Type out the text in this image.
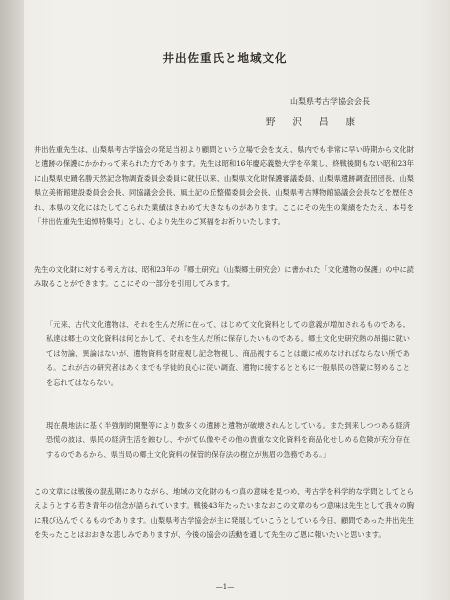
井出佐重氏と地域文化
山梨県考古学協会会長
野 沢 昌 康

井出佐重先生は、山梨県考古学協会の発足当初より顧問という立場で会を支え、県内でも非常に早い時期から文化財と遺跡の保護にかかわって来られた方であります。先生は昭和16年慶応義塾大学を卒業し、終戦後間もない昭和23年に山梨県史蹟名勝天然記念物調査委員会委員に就任以来、山梨県文化財保護審議委員、山梨県遺跡調査団団長、山梨県立美術館建設委員会会長、同協議会会長、風土記の丘整備委員会会長、山梨県考古博物館協議会会長などを歴任され、本県の文化にはたしてこられた業績はきわめて大きなものがあります。ここにその先生の業績をたたえ、本号を「井出佐重先生追悼特集号」とし、心より先生のご冥福をお祈りいたします。

先生の文化財に対する考え方は、昭和23年の『郷土研究』（山梨郷土研究会）に書かれた「文化遺物の保護」の中に読み取ることができます。ここにその一部分を引用してみます。

「元来、古代文化遺物は、それを生んだ所に在って、はじめて文化資料としての意義が増加されるものである。私達は郷土の文化資料は何とかして、それを生んだ所に保存したいものである。郷土文化史研究熱の昂揚に就いては勿論、異論はないが、遺物資料を財産視し記念物視し、商品視することは厳に戒めなければならない所である。これが古の研究者はあくまでも学徒的良心に従い調査、遺物に接するとともに一般県民の啓蒙に努めることを忘れてはならない。

現在農地法に基く半強制的開墾等により数多くの遺跡と遺物が破壊されんとしている。また到来しつつある経済恐慌の波は、県民の経済生活を蝕むし、やがて仏像やその他の貴重な文化資料を商品化せしめる危険が充分存在するのであるから、県当局の郷土文化資料の保管的保存法の樹立が焦眉の急務である。」

この文章には戦後の混乱期にありながら、地域の文化財のもつ真の意味を見つめ、考古学を科学的な学問としてとらえようとする若き青年の信念が語られています。戦後43年たったいまなおこの文章のもつ意味は先生として我々の胸に飛び込んでくるものであります。山梨県考古学協会が主に発展していこうとしている今日、顧問であった井出先生を失ったことはおおきな悲しみでありますが、今後の協会の活動を通して先生のご恩に報いたいと思います。

—1—
